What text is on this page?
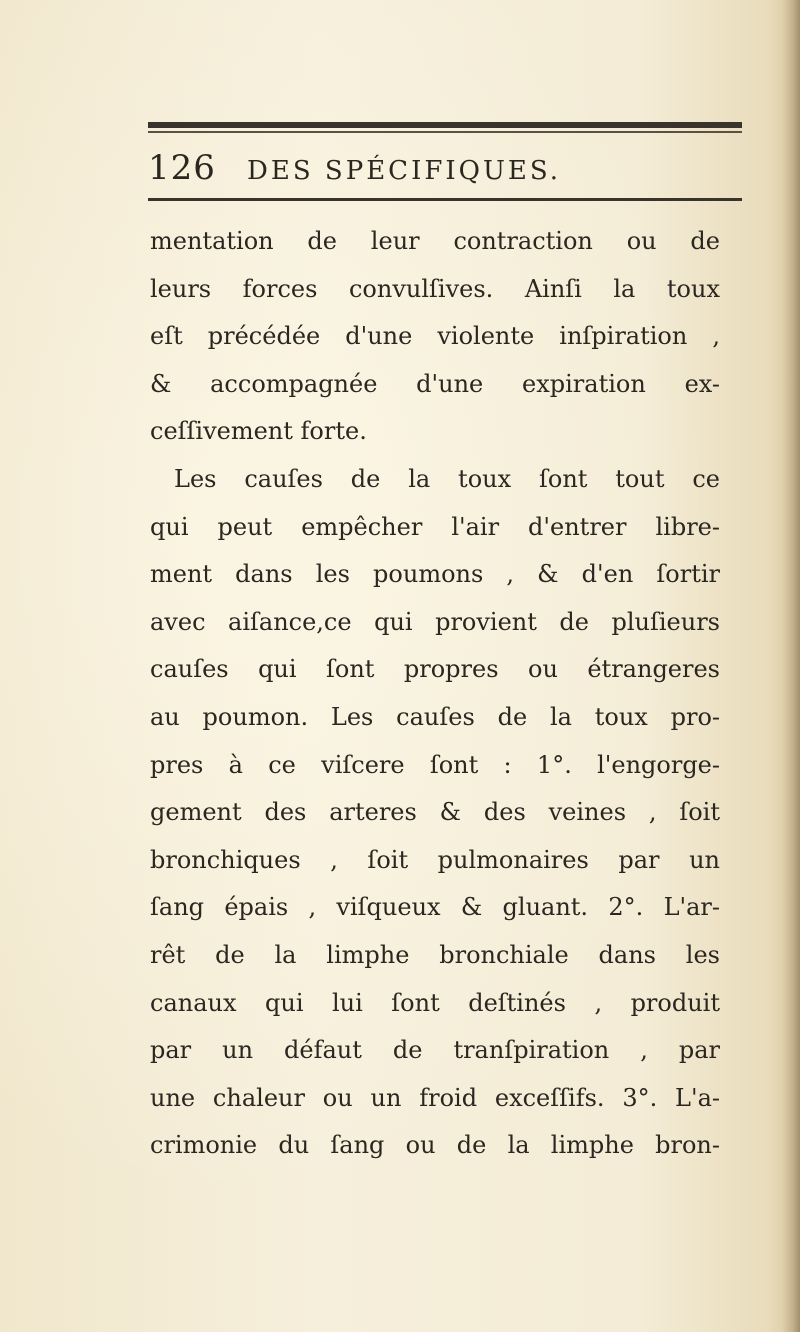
126 DES SPÉCIFIQUES.
mentation de leur contraction ou de
leurs forces convulſives. Ainſi la toux
eſt précédée d'une violente inſpiration ,
& accompagnée d'une expiration ex-
ceſſivement forte.
Les cauſes de la toux ſont tout ce
qui peut empêcher l'air d'entrer libre-
ment dans les poumons , & d'en ſortir
avec aiſance,ce qui provient de pluſieurs
cauſes qui ſont propres ou étrangeres
au poumon. Les cauſes de la toux pro-
pres à ce viſcere ſont : 1°. l'engorge-
gement des arteres & des veines , ſoit
bronchiques , ſoit pulmonaires par un
ſang épais , viſqueux & gluant. 2°. L'ar-
rêt de la limphe bronchiale dans les
canaux qui lui ſont deſtinés , produit
par un défaut de tranſpiration , par
une chaleur ou un froid exceſſifs. 3°. L'a-
crimonie du ſang ou de la limphe bron-
